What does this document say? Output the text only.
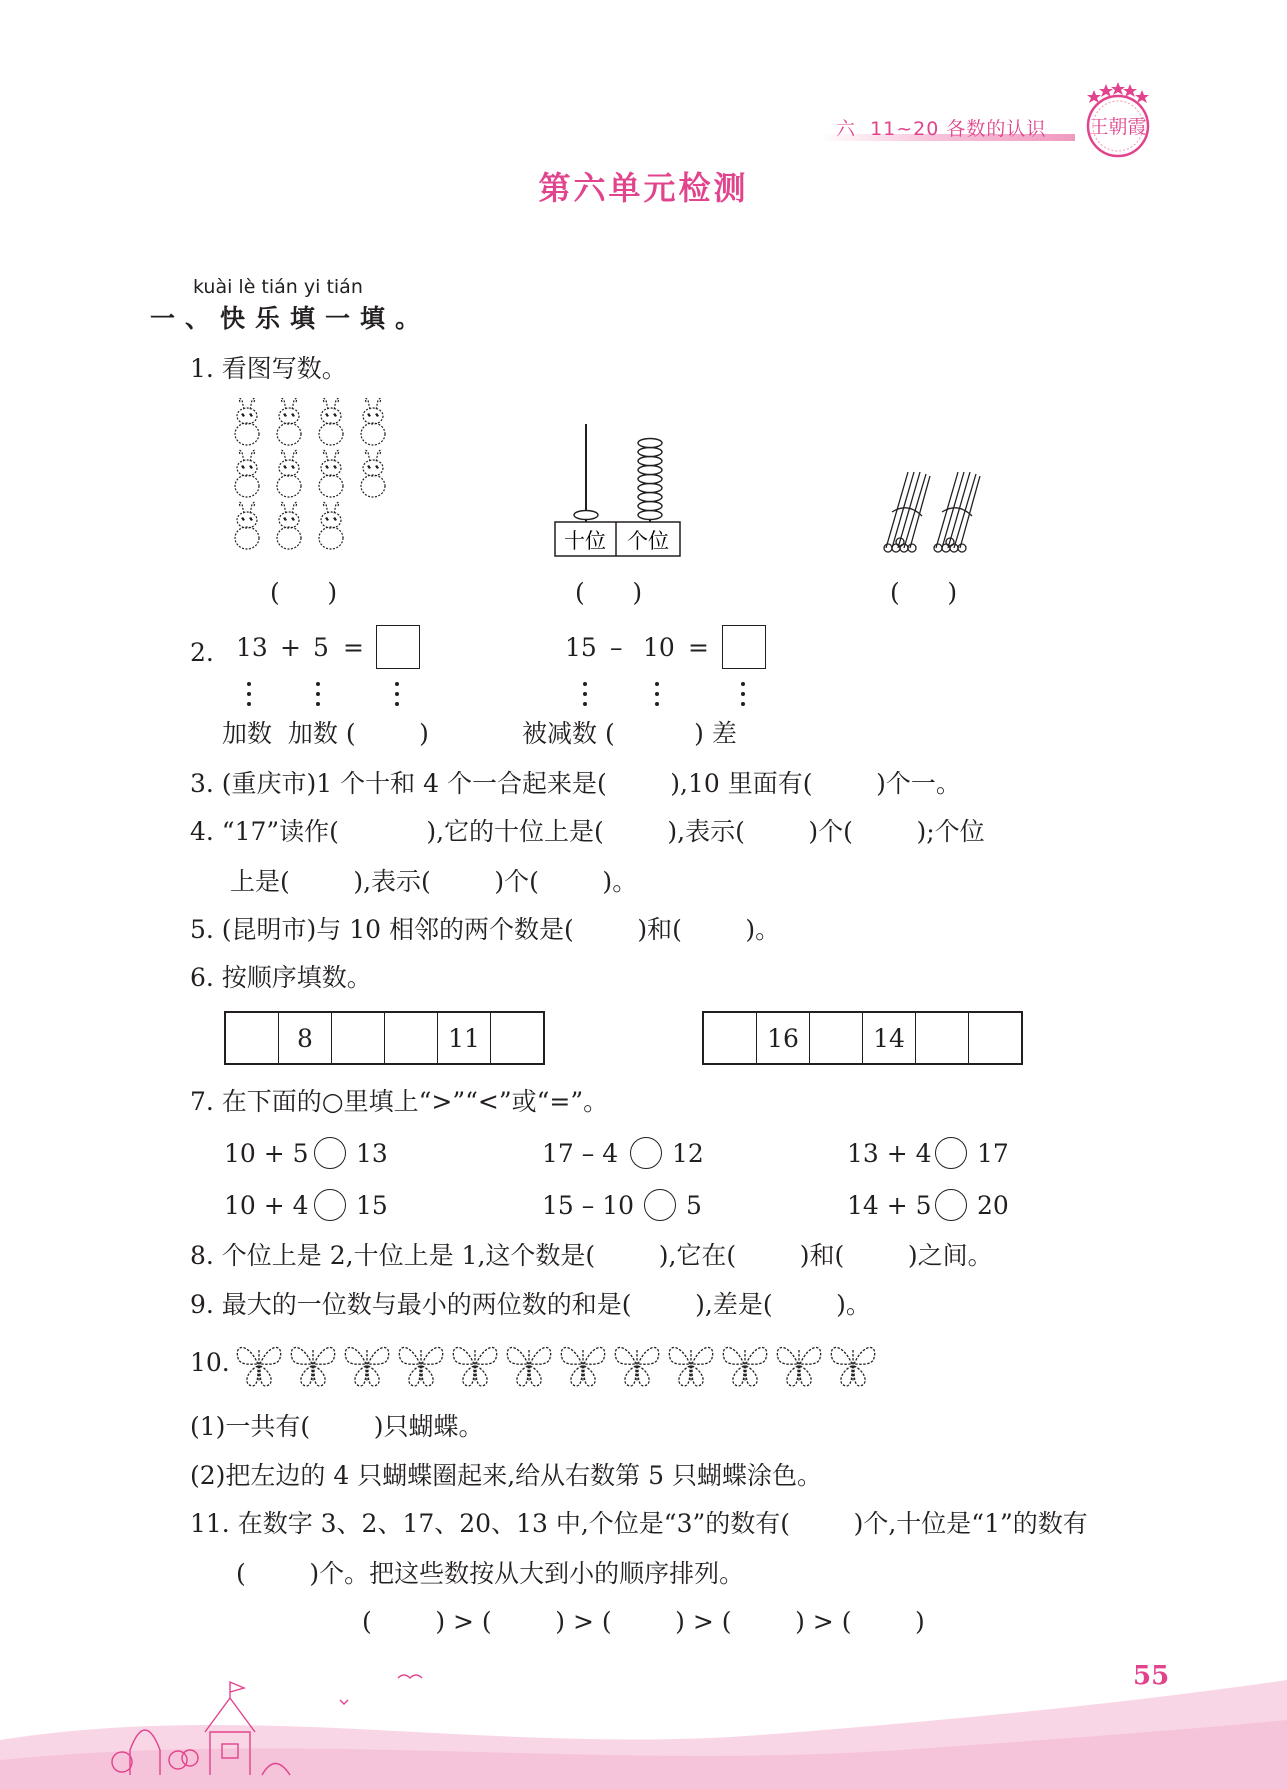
六  11~20 各数的认识 王朝霞
第六单元检测
kuài lè tián yi tián
一、快乐填一填。
1. 看图写数。
十位 个位
(      )	(      )	(      )
2. 13 + 5 =	15 – 10 =
加数  加数 (        )	被减数 (          ) 差
3. (重庆市)1 个十和 4 个一合起来是(        ),10 里面有(        )个一。
4. “17”读作(           ),它的十位上是(        ),表示(        )个(        );个位
上是(        ),表示(        )个(        )。
5. (昆明市)与 10 相邻的两个数是(        )和(        )。
6. 按顺序填数。
8	11	16	14
7. 在下面的○里填上“>”“<”或“=”。
10 + 5 13	17 – 4 12	13 + 4 17
10 + 4 15	15 – 10 5	14 + 5 20
8. 个位上是 2,十位上是 1,这个数是(        ),它在(        )和(        )之间。
9. 最大的一位数与最小的两位数的和是(        ),差是(        )。
10.
(1)一共有(        )只蝴蝶。
(2)把左边的 4 只蝴蝶圈起来,给从右数第 5 只蝴蝶涂色。
11. 在数字 3、2、17、20、13 中,个位是“3”的数有(        )个,十位是“1”的数有
(        )个。把这些数按从大到小的顺序排列。
(        ) > (        ) > (        ) > (        ) > (        )
55
